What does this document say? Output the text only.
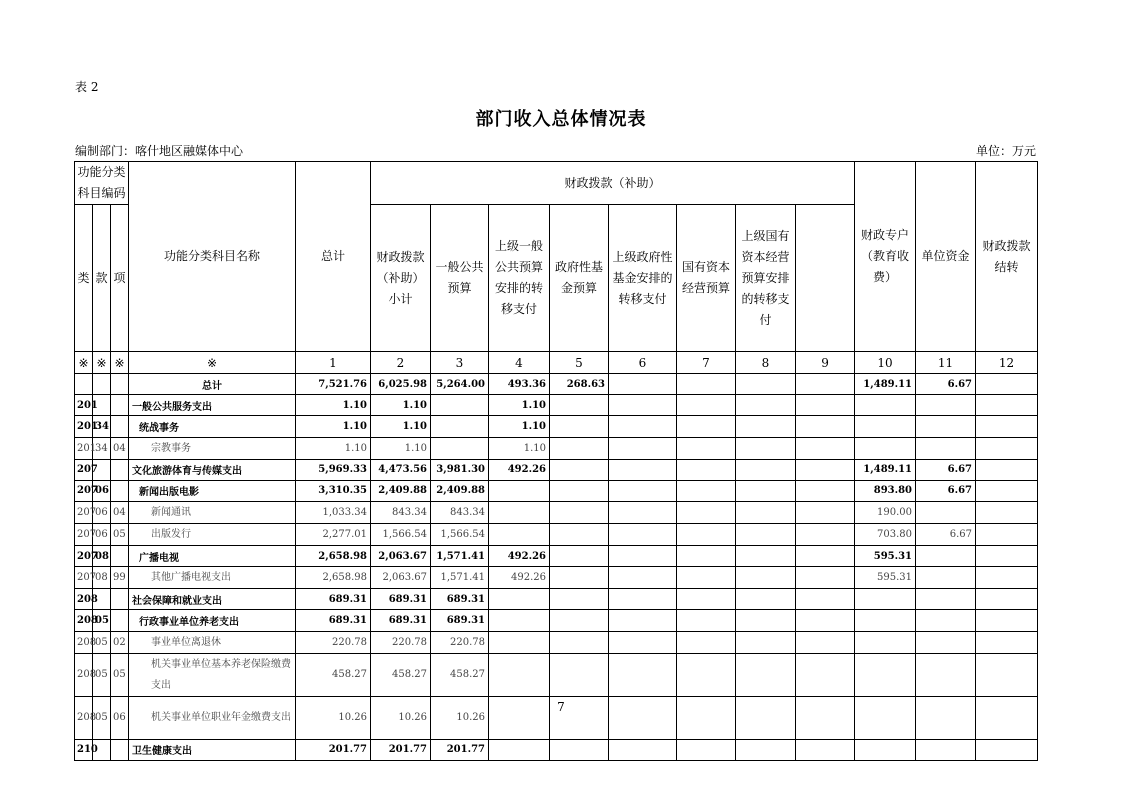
表 2
部门收入总体情况表
编制部门：喀什地区融媒体中心	单位：万元
功能分类科目编码			功能分类科目名称	总计	财政拨款（补助）								财政专户（教育收费）	单位资金	财政拨款结转	
类	款	项			财政拨款（补助）小计	一般公共预算	上级一般公共预算安排的转移支付	政府性基金预算	上级政府性基金安排的转移支付	国有资本经营预算	上级国有资本经营预算安排的转移支付					

※	※	※	※	1	2	3	4	5	6	7	8	9	10	11	12	
			总计	7,521.76	6,025.98	5,264.00	493.36	268.63					1,489.11	6.67		
201			一般公共服务支出	1.10	1.10		1.10									
201	34		统战事务	1.10	1.10		1.10									
201	34	04	宗教事务	1.10	1.10		1.10									
207			文化旅游体育与传媒支出	5,969.33	4,473.56	3,981.30	492.26						1,489.11	6.67		
207	06		新闻出版电影	3,310.35	2,409.88	2,409.88							893.80	6.67		
207	06	04	新闻通讯	1,033.34	843.34	843.34							190.00			
207	06	05	出版发行	2,277.01	1,566.54	1,566.54							703.80	6.67		
207	08		广播电视	2,658.98	2,063.67	1,571.41	492.26						595.31			
207	08	99	其他广播电视支出	2,658.98	2,063.67	1,571.41	492.26						595.31			
208			社会保障和就业支出	689.31	689.31	689.31										
208	05		行政事业单位养老支出	689.31	689.31	689.31										
208	05	02	事业单位离退休	220.78	220.78	220.78										
208	05	05	机关事业单位基本养老保险缴费支出	458.27	458.27	458.27										
208	05	06	机关事业单位职业年金缴费支出	10.26	10.26	10.26										
210			卫生健康支出	201.77	201.77	201.77										
7
